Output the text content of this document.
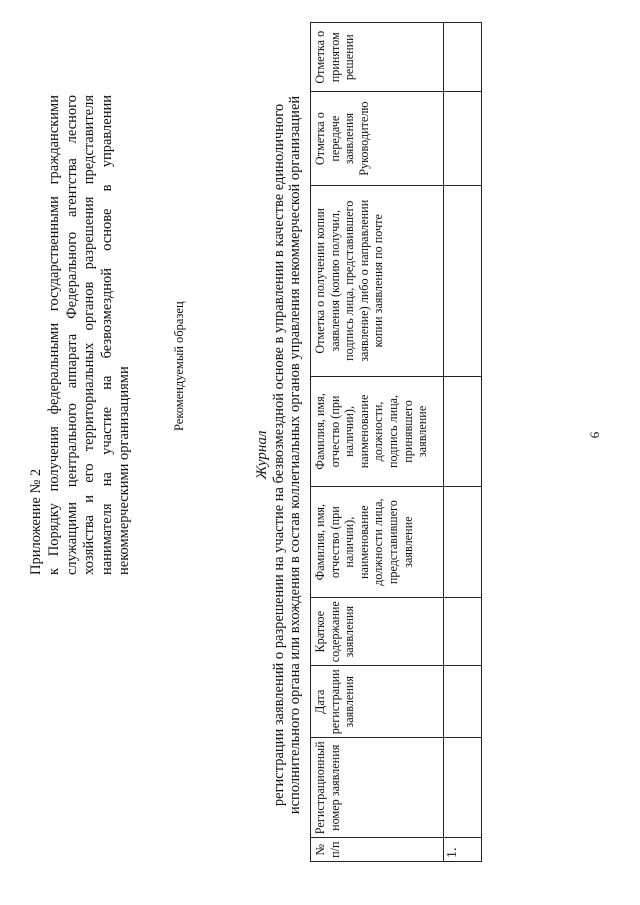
6
Приложение № 2 к Порядку получения федеральными государственными гражданскими служащими центрального аппарата Федерального агентства лесного хозяйства и его территориальных органов разрешения представителя нанимателя на участие на безвозмездной основе в управлении некоммерческими организациями
Рекомендуемый образец
Журнал регистрации заявлений о разрешении на участие на безвозмездной основе в управлении в качестве единоличного исполнительного органа или вхождения в состав коллегиальных органов управления некоммерческой организацией
№ п/п	Регистрационный номер заявления	Дата регистрации заявления	Краткое содержание заявления	Фамилия, имя, отчество (при наличии), наименование должности лица, представившего заявление	Фамилия, имя, отчество (при наличии), наименование должности, подпись лица, принявшего заявление	Отметка о получении копии заявления (копию получил, подпись лица, представившего заявление) либо о направлении копии заявления по почте	Отметка о передаче заявления Руководителю	Отметка о принятом решении
1.								
